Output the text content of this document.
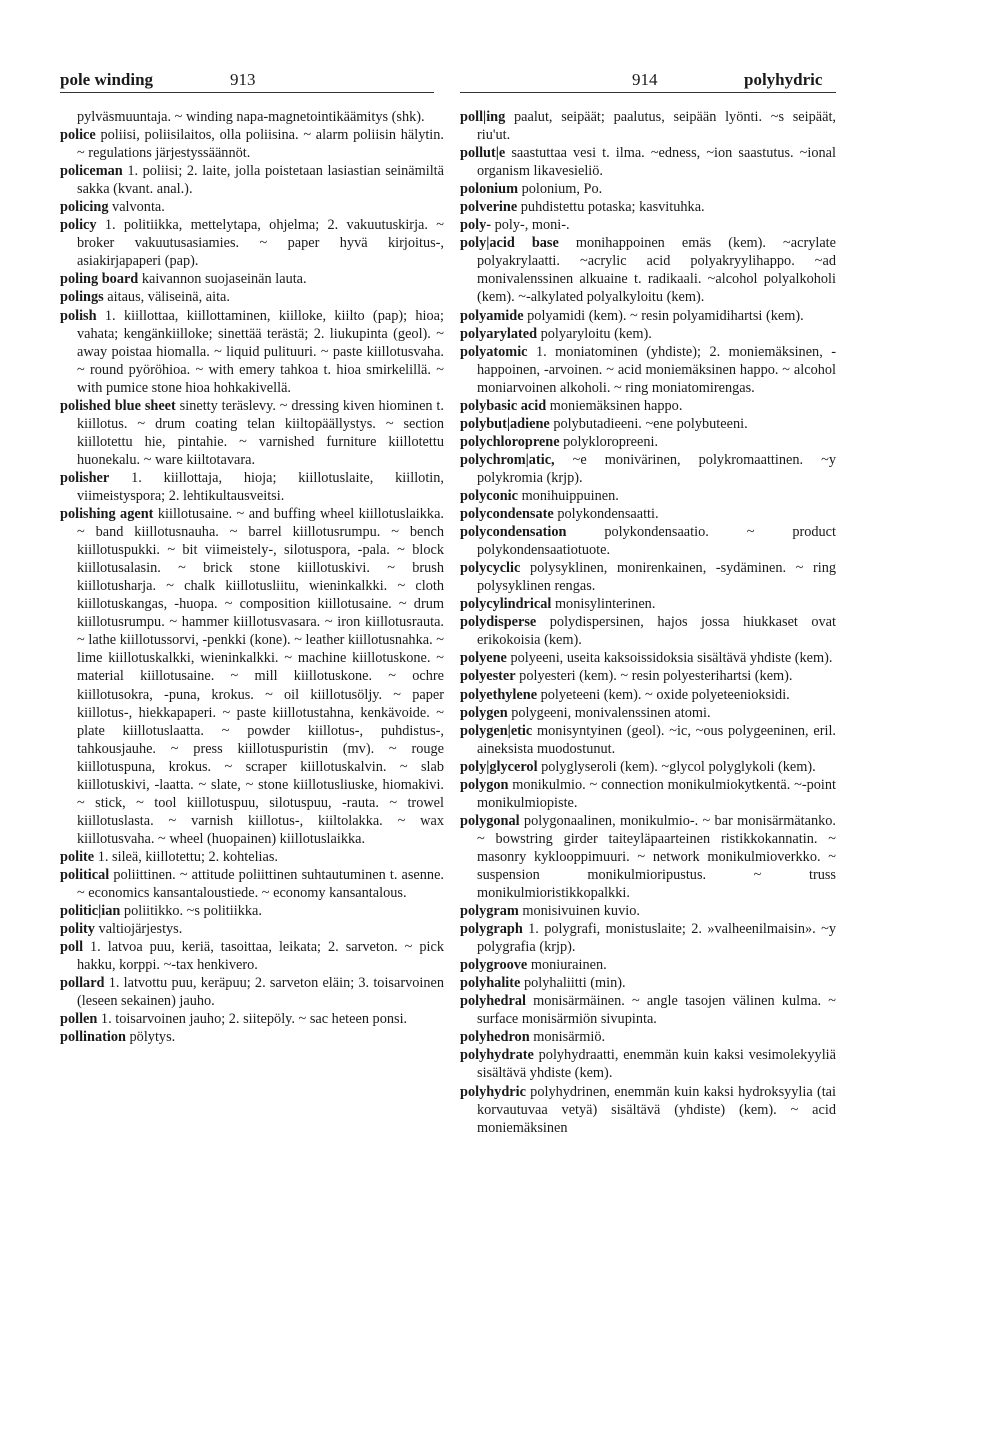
pole winding	913	914	polyhydric

pylväsmuuntaja. ~ winding napa-magnetointikäämitys (shk).

police poliisi, poliisilaitos, olla poliisina. ~ alarm poliisin hälytin. ~ regulations järjestyssäännöt.

policeman 1. poliisi; 2. laite, jolla poistetaan lasiastian seinämiltä sakka (kvant. anal.).

policing valvonta.

policy 1. politiikka, mettelytapa, ohjelma; 2. vakuutuskirja. ~ broker vakuutusasiamies. ~ paper hyvä kirjoitus-, asiakirjapaperi (pap).

poling board kaivannon suojaseinän lauta.

polings aitaus, väliseinä, aita.

polish 1. kiillottaa, kiillottaminen, kiilloke, kiilto (pap); hioa; vahata; kengänkiilloke; sinettää terästä; 2. liukupinta (geol). ~ away poistaa hiomalla. ~ liquid pulituuri. ~ paste kiillotusvaha. ~ round pyöröhioa. ~ with emery tahkoa t. hioa smirkelillä. ~ with pumice stone hioa hohkakivellä.

polished blue sheet sinetty teräslevy. ~ dressing kiven hiominen t. kiillotus. ~ drum coating telan kiiltopäällystys. ~ section kiillotettu hie, pintahie. ~ varnished furniture kiillotettu huonekalu. ~ ware kiiltotavara.

polisher 1. kiillottaja, hioja; kiillotuslaite, kiillotin, viimeistyspora; 2. lehtikultausveitsi.

polishing agent kiillotusaine. ~ and buffing wheel kiillotuslaikka. ~ band kiillotusnauha. ~ barrel kiillotusrumpu. ~ bench kiillotuspukki. ~ bit viimeistely-, silotuspora, -pala. ~ block kiillotusalasin. ~ brick stone kiillotuskivi. ~ brush kiillotusharja. ~ chalk kiillotusliitu, wieninkalkki. ~ cloth kiillotuskangas, -huopa. ~ composition kiillotusaine. ~ drum kiillotusrumpu. ~ hammer kiillotusvasara. ~ iron kiillotusrauta. ~ lathe kiillotussorvi, -penkki (kone). ~ leather kiillotusnahka. ~ lime kiillotuskalkki, wieninkalkki. ~ machine kiillotuskone. ~ material kiillotusaine. ~ mill kiillotuskone. ~ ochre kiillotusokra, -puna, krokus. ~ oil kiillotusöljy. ~ paper kiillotus-, hiekkapaperi. ~ paste kiillotustahna, kenkävoide. ~ plate kiillotuslaatta. ~ powder kiillotus-, puhdistus-, tahkousjauhe. ~ press kiillotuspuristin (mv). ~ rouge kiillotuspuna, krokus. ~ scraper kiillotuskalvin. ~ slab kiillotuskivi, -laatta. ~ slate, ~ stone kiillotusliuske, hiomakivi. ~ stick, ~ tool kiillotuspuu, silotuspuu, -rauta. ~ trowel kiillotuslasta. ~ varnish kiillotus-, kiiltolakka. ~ wax kiillotusvaha. ~ wheel (huopainen) kiillotuslaikka.

polite 1. sileä, kiillotettu; 2. kohtelias.

political poliittinen. ~ attitude poliittinen suhtautuminen t. asenne. ~ economics kansantaloustiede. ~ economy kansantalous.

politic|ian poliitikko. ~s politiikka.

polity valtiojärjestys.

poll 1. latvoa puu, keriä, tasoittaa, leikata; 2. sarveton. ~ pick hakku, korppi. ~-tax henkivero.

pollard 1. latvottu puu, keräpuu; 2. sarveton eläin; 3. toisarvoinen (leseen sekainen) jauho.

pollen 1. toisarvoinen jauho; 2. siitepöly. ~ sac heteen ponsi.

pollination pölytys.

poll|ing paalut, seipäät; paalutus, seipään lyönti. ~s seipäät, riu'ut.

pollut|e saastuttaa vesi t. ilma. ~edness, ~ion saastutus. ~ional organism likavesieliö.

polonium polonium, Po.

polverine puhdistettu potaska; kasvituhka.

poly- poly-, moni-.

poly|acid base monihappoinen emäs (kem). ~acrylate polyakrylaatti. ~acrylic acid polyakryylihappo. ~ad monivalenssinen alkuaine t. radikaali. ~alcohol polyalkoholi (kem). ~-alkylated polyalkyloitu (kem).

polyamide polyamidi (kem). ~ resin polyamidihartsi (kem).

polyarylated polyaryloitu (kem).

polyatomic 1. moniatominen (yhdiste); 2. moniemäksinen, -happoinen, -arvoinen. ~ acid moniemäksinen happo. ~ alcohol moniarvoinen alkoholi. ~ ring moniatomirengas.

polybasic acid moniemäksinen happo.

polybut|adiene polybutadieeni. ~ene polybuteeni.

polychloroprene polykloropreeni.

polychrom|atic, ~e monivärinen, polykromaattinen. ~y polykromia (krjp).

polyconic monihuippuinen.

polycondensate polykondensaatti.

polycondensation	polykondensaatio. ~ product polykondensaatiotuote.

polycyclic polysyklinen, monirenkainen, -sydäminen. ~ ring polysyklinen rengas.

polycylindrical monisylinterinen.

polydisperse polydispersinen, hajos jossa hiukkaset ovat erikokoisia (kem).

polyene polyeeni, useita kaksoissidoksia sisältävä yhdiste (kem).

polyester polyesteri (kem). ~ resin polyesterihartsi (kem).

polyethylene polyeteeni (kem). ~ oxide polyeteenioksidi.

polygen polygeeni, monivalenssinen atomi.

polygen|etic monisyntyinen (geol). ~ic, ~ous polygeeninen, eril. aineksista muodostunut.

poly|glycerol polyglyseroli (kem). ~glycol polyglykoli (kem).

polygon monikulmio. ~ connection monikulmiokytkentä. ~-point monikulmiopiste.

polygonal polygonaalinen, monikulmio-. ~ bar monisärmätanko. ~ bowstring girder taiteyläpaarteinen ristikkokannatin. ~ masonry kyklooppimuuri. ~ network monikulmioverkko. ~ suspension monikulmioripustus. ~ truss monikulmioristikkopalkki.

polygram monisivuinen kuvio.

polygraph 1. polygrafi, monistuslaite; 2. »valheenilmaisin». ~y polygrafia (krjp).

polygroove moniurainen.

polyhalite polyhaliitti (min).

polyhedral monisärmäinen. ~ angle tasojen välinen kulma. ~ surface monisärmiön sivupinta.

polyhedron monisärmiö.

polyhydrate polyhydraatti, enemmän kuin kaksi vesimolekyyliä sisältävä yhdiste (kem).

polyhydric polyhydrinen, enemmän kuin kaksi hydroksyylia (tai korvautuvaa vetyä) sisältävä (yhdiste) (kem). ~ acid moniemäksinen
